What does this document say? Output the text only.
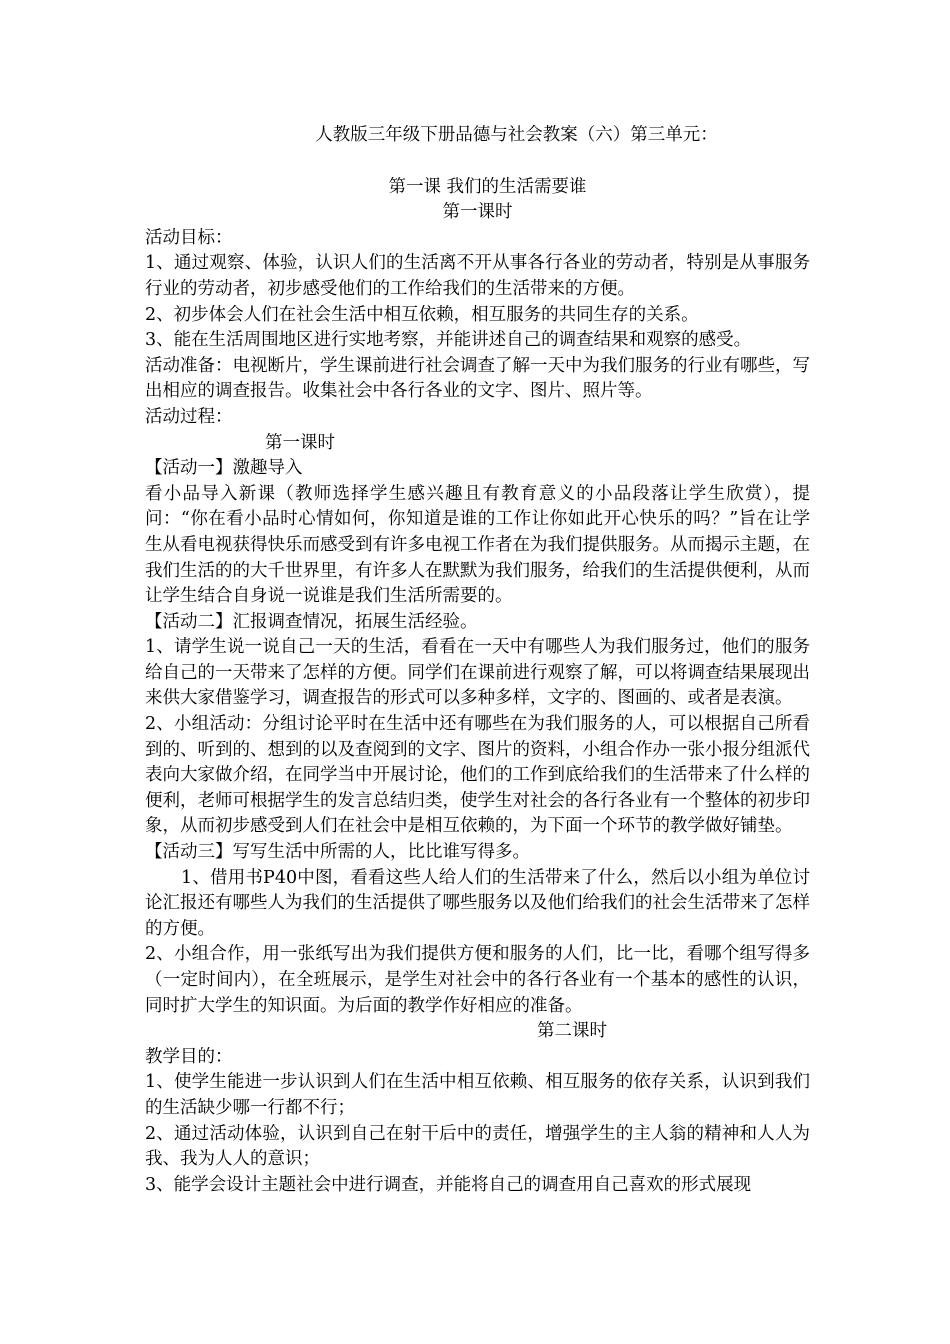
人教版三年级下册品德与社会教案（六）第三单元：

第一课 我们的生活需要谁

第一课时

活动目标：

1、通过观察、体验，认识人们的生活离不开从事各行各业的劳动者，特别是从事服务行业的劳动者，初步感受他们的工作给我们的生活带来的方便。

2、初步体会人们在社会生活中相互依赖，相互服务的共同生存的关系。

3、能在生活周围地区进行实地考察，并能讲述自己的调查结果和观察的感受。

活动准备：电视断片，学生课前进行社会调查了解一天中为我们服务的行业有哪些，写出相应的调查报告。收集社会中各行各业的文字、图片、照片等。

活动过程：

第一课时

【活动一】激趣导入

看小品导入新课（教师选择学生感兴趣且有教育意义的小品段落让学生欣赏），提问：“你在看小品时心情如何，你知道是谁的工作让你如此开心快乐的吗？”旨在让学生从看电视获得快乐而感受到有许多电视工作者在为我们提供服务。从而揭示主题，在我们生活的的大千世界里，有许多人在默默为我们服务，给我们的生活提供便利，从而让学生结合自身说一说谁是我们生活所需要的。

【活动二】汇报调查情况，拓展生活经验。

1、请学生说一说自己一天的生活，看看在一天中有哪些人为我们服务过，他们的服务给自己的一天带来了怎样的方便。同学们在课前进行观察了解，可以将调查结果展现出来供大家借鉴学习，调查报告的形式可以多种多样，文字的、图画的、或者是表演。

2、小组活动：分组讨论平时在生活中还有哪些在为我们服务的人，可以根据自己所看到的、听到的、想到的以及查阅到的文字、图片的资料，小组合作办一张小报分组派代表向大家做介绍，在同学当中开展讨论，他们的工作到底给我们的生活带来了什么样的便利，老师可根据学生的发言总结归类，使学生对社会的各行各业有一个整体的初步印象，从而初步感受到人们在社会中是相互依赖的，为下面一个环节的教学做好铺垫。

【活动三】写写生活中所需的人，比比谁写得多。

1、借用书P40中图，看看这些人给人们的生活带来了什么，然后以小组为单位讨论汇报还有哪些人为我们的生活提供了哪些服务以及他们给我们的社会生活带来了怎样的方便。

2、小组合作，用一张纸写出为我们提供方便和服务的人们，比一比，看哪个组写得多（一定时间内），在全班展示，是学生对社会中的各行各业有一个基本的感性的认识，同时扩大学生的知识面。为后面的教学作好相应的准备。

第二课时

教学目的：

1、使学生能进一步认识到人们在生活中相互依赖、相互服务的依存关系，认识到我们的生活缺少哪一行都不行；

2、通过活动体验，认识到自己在射干后中的责任，增强学生的主人翁的精神和人人为我、我为人人的意识；

3、能学会设计主题社会中进行调查，并能将自己的调查用自己喜欢的形式展现
